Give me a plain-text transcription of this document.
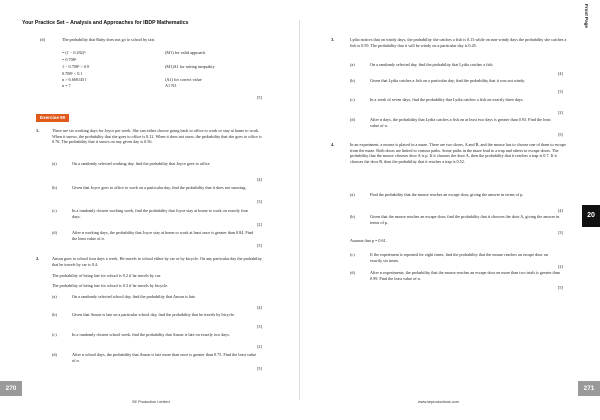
Your Practice Set – Analysis and Approaches for IBDP Mathematics	Front Page
(d)	The probability that Ruby does not go to school by taxi
= (1 − 0.292)ⁿ	(M1) for valid approach
= 0.708ⁿ
1 − 0.708ⁿ > 0.9	(M1)A1 for setting inequality
0.708ⁿ < 0.1
n > 6.668145 l	(A1) for correct value
n = 7	A1 N3
[5]
Exercise 90
1.	There are six working days for Joyce per week. She can either choose going back to office to work or stay at home to work. When it snows, the probability that she goes to office is 0.12. When it does not snow, the probability that she goes to office is 0.76. The probability that it snows on any given day is 0.56.
(a)	On a randomly selected working day, find the probability that Joyce goes to office
[4]
(b)	Given that Joyce goes to office to work on a particular day, find the probability that it does not snowing.
[3]
(c)	In a randomly chosen working week, find the probability that Joyce stay at home to work on exactly four days.
[2]
(d)	After n working days, the probability that Joyce stay at home to work at least once is greater than 0.84. Find the least value of n.
[5]
2.	Anson goes to school four days a week. He travels to school either by car or by bicycle. On any particular day the probability that he travels by car is 0.4.
The probability of being late for school is 0.2 if he travels by car.
The probability of being late for school is 0.3 if he travels by bicycle.
(a)	On a randomly selected school day, find the probability that Anson is late.
[4]
(b)	Given that Anson is late on a particular school day, find the probability that he travels by bicycle.
[3]
(c)	In a randomly chosen school week, find the probability that Anson is late on exactly two days.
[2]
(d)	After n school days, the probability that Anson is late more than once is greater than 0.75. Find the least value of n.
[5]
270
SE Production Limited
3.	Lydia notices that on windy days, the probability she catches a fish is 0.13 while on non-windy days the probability she catches a fish is 0.59. The probability that it will be windy on a particular day is 0.45.
(a)	On a randomly selected day, find the probability that Lydia catches a fish.
[4]
(b)	Given that Lydia catches a fish on a particular day, find the probability that it was not windy.
[3]
(c)	In a week of seven days, find the probability that Lydia catches a fish on exactly three days.
[2]
(d)	After n days, the probability that Lydia catches a fish on at least two days is greater than 0.93. Find the least value of n.
[5]
4.	In an experiment, a mouse is placed in a maze. There are two doors, A and B, and the mouse has to choose one of them to escape from the maze. Both doors are linked to various paths. Some paths in the maze lead to a trap and others to escape doors. The probability that the mouse chooses door A is p. If it chooses the door A, then the probability that it reaches a trap is 0.7. If it chooses the door B, then the probability that it reaches a trap is 0.52.
(a)	Find the probability that the mouse reaches an escape door, giving the answer in terms of p.
[4]
(b)	Given that the mouse reaches an escape door, find the probability that it chooses the door A, giving the answer in terms of p.
[3]
Assume that p = 0.61.
(c)	If the experiment is repeated for eight times, find the probability that the mouse reaches an escape door on exactly six times.
[2]
(d)	After n experiments, the probability that the mouse reaches an escape door on more than two trials is greater than 0.99. Find the least value of n.
[5]
20
271
www.seproductions.com
